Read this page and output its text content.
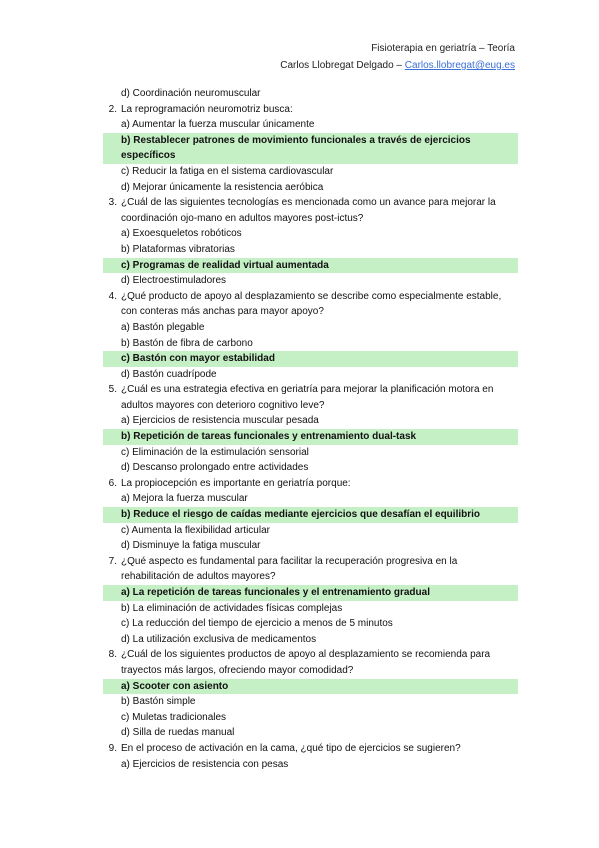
Fisioterapia en geriatría – Teoría
Carlos Llobregat Delgado – Carlos.llobregat@eug.es
d) Coordinación neuromuscular
2. La reprogramación neuromotriz busca:
a) Aumentar la fuerza muscular únicamente
b) Restablecer patrones de movimiento funcionales a través de ejercicios específicos
c) Reducir la fatiga en el sistema cardiovascular
d) Mejorar únicamente la resistencia aeróbica
3. ¿Cuál de las siguientes tecnologías es mencionada como un avance para mejorar la coordinación ojo-mano en adultos mayores post-ictus?
a) Exoesqueletos robóticos
b) Plataformas vibratorias
c) Programas de realidad virtual aumentada
d) Electroestimuladores
4. ¿Qué producto de apoyo al desplazamiento se describe como especialmente estable, con conteras más anchas para mayor apoyo?
a) Bastón plegable
b) Bastón de fibra de carbono
c) Bastón con mayor estabilidad
d) Bastón cuadrípode
5. ¿Cuál es una estrategia efectiva en geriatría para mejorar la planificación motora en adultos mayores con deterioro cognitivo leve?
a) Ejercicios de resistencia muscular pesada
b) Repetición de tareas funcionales y entrenamiento dual-task
c) Eliminación de la estimulación sensorial
d) Descanso prolongado entre actividades
6. La propiocepción es importante en geriatría porque:
a) Mejora la fuerza muscular
b) Reduce el riesgo de caídas mediante ejercicios que desafían el equilibrio
c) Aumenta la flexibilidad articular
d) Disminuye la fatiga muscular
7. ¿Qué aspecto es fundamental para facilitar la recuperación progresiva en la rehabilitación de adultos mayores?
a) La repetición de tareas funcionales y el entrenamiento gradual
b) La eliminación de actividades físicas complejas
c) La reducción del tiempo de ejercicio a menos de 5 minutos
d) La utilización exclusiva de medicamentos
8. ¿Cuál de los siguientes productos de apoyo al desplazamiento se recomienda para trayectos más largos, ofreciendo mayor comodidad?
a) Scooter con asiento
b) Bastón simple
c) Muletas tradicionales
d) Silla de ruedas manual
9. En el proceso de activación en la cama, ¿qué tipo de ejercicios se sugieren?
a) Ejercicios de resistencia con pesas
